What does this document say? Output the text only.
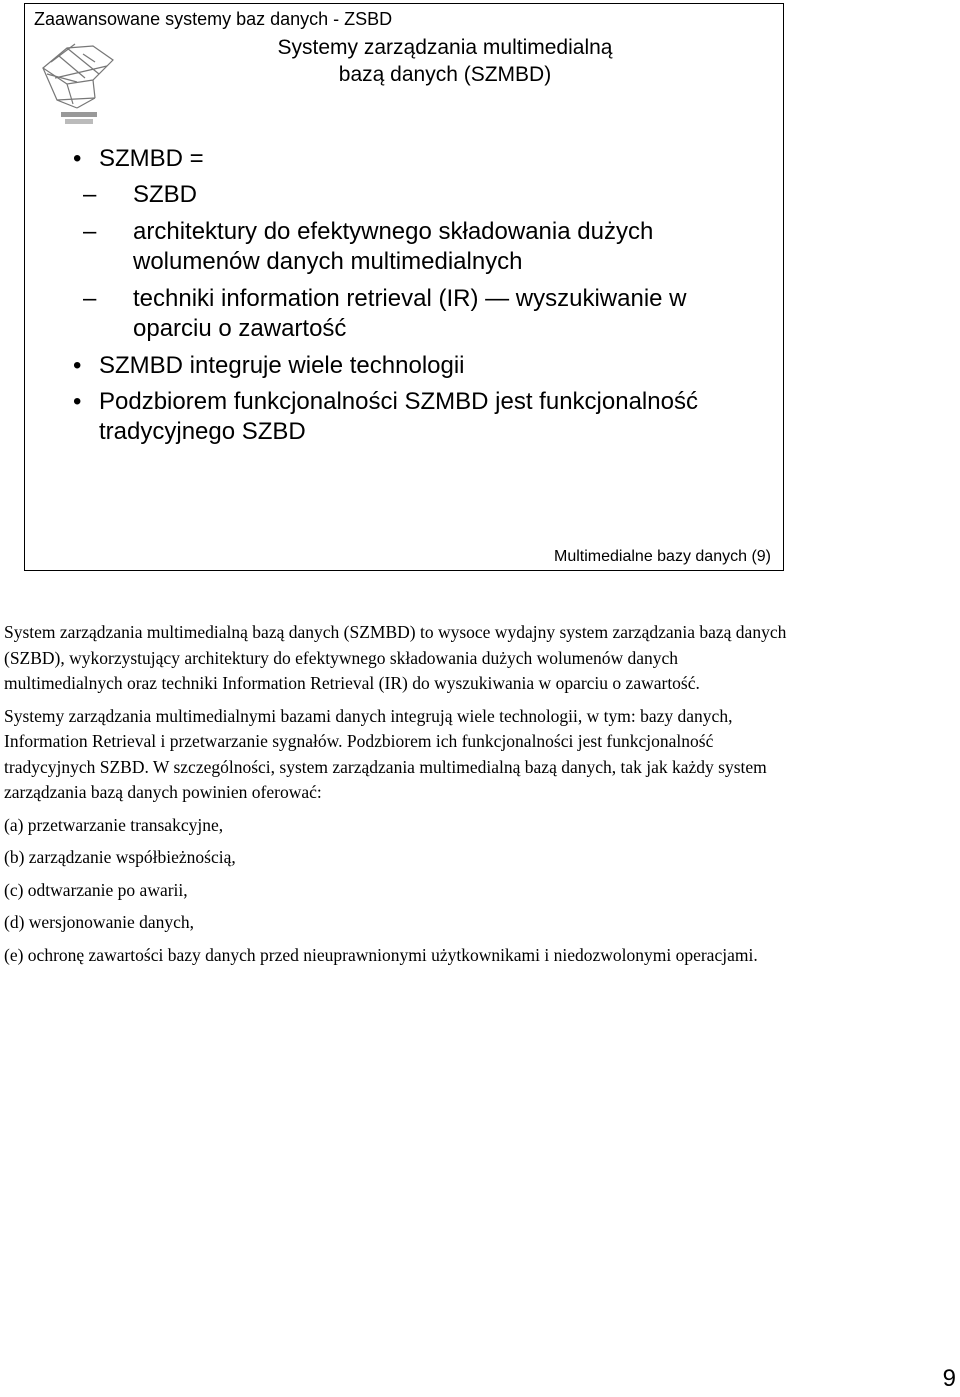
Zaawansowane systemy baz danych - ZSBD
Systemy zarządzania multimedialną
bazą danych (SZMBD)
• SZMBD =
– SZBD
– architektury do efektywnego składowania dużych wolumenów danych multimedialnych
– techniki information retrieval (IR) ― wyszukiwanie w oparciu o zawartość
• SZMBD integruje wiele technologii
• Podzbiorem funkcjonalności SZMBD jest funkcjonalność tradycyjnego SZBD
Multimedialne bazy danych (9)

System zarządzania multimedialną bazą danych (SZMBD) to wysoce wydajny system zarządzania bazą danych (SZBD), wykorzystujący architektury do efektywnego składowania dużych wolumenów danych multimedialnych oraz techniki Information Retrieval (IR) do wyszukiwania w oparciu o zawartość.

Systemy zarządzania multimedialnymi bazami danych integrują wiele technologii, w tym: bazy danych, Information Retrieval i przetwarzanie sygnałów. Podzbiorem ich funkcjonalności jest funkcjonalność tradycyjnych SZBD. W szczególności, system zarządzania multimedialną bazą danych, tak jak każdy system zarządzania bazą danych powinien oferować:

(a) przetwarzanie transakcyjne,
(b) zarządzanie współbieżnością,
(c) odtwarzanie po awarii,
(d) wersjonowanie danych,
(e) ochronę zawartości bazy danych przed nieuprawnionymi użytkownikami i niedozwolonymi operacjami.
9
